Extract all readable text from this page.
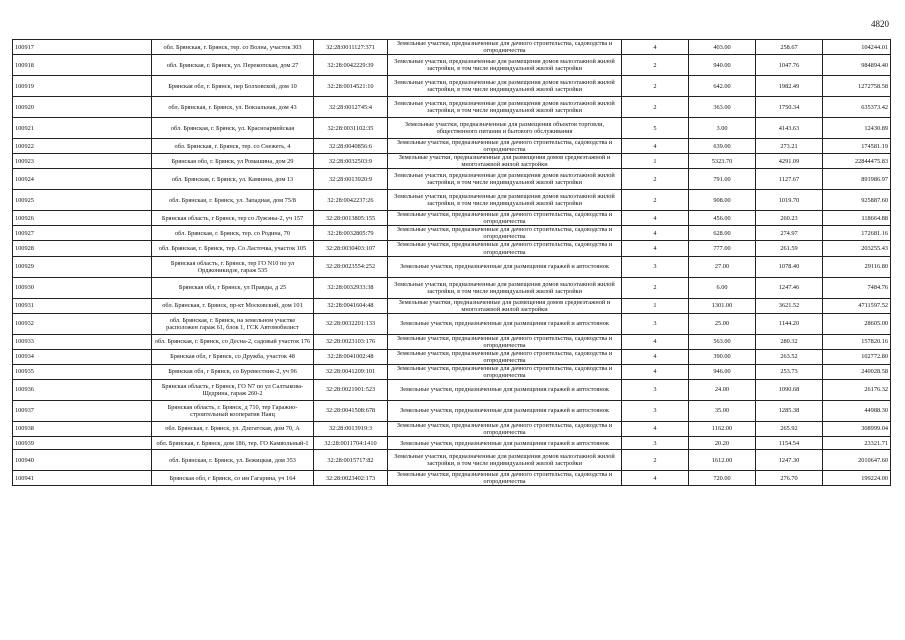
4820
100917	обл. Брянская, г. Брянск, тер. со Волна, участок 303	32:28:0011127:371	Земельные участки, предназначенные для дачного строительства, садоводства и огородничества	4	403.00	258.67	104244.01
100918	обл. Брянская, г. Брянск, ул. Перекопская, дом 27	32:28:0042229:39	Земельные участки, предназначенные для размещения домов малоэтажной жилой застройки, в том числе индивидуальной жилой застройки	2	940.00	1047.76	984894.40
100919	Брянская обл, г. Брянск, пер Болховской, дом 10	32:28:0014521:10	Земельные участки, предназначенные для размещения домов малоэтажной жилой застройки, в том числе индивидуальной жилой застройки	2	642.00	1982.49	1272758.58
100920	обл. Брянская, г. Брянск, ул. Вокзальная, дом 43	32:28:0012745:4	Земельные участки, предназначенные для размещения домов малоэтажной жилой застройки, в том числе индивидуальной жилой застройки	2	363.00	1750.34	635373.42
100921	обл. Брянская, г. Брянск, ул. Красноармейская	32:28:0031102:35	Земельные участки, предназначенные для размещения объектов торговли, общественного питания и бытового обслуживания	5	3.00	4143.63	12430.89
100922	обл. Брянская, г. Брянск, тер. со Снежеть, 4	32:28:0040856:6	Земельные участки, предназначенные для дачного строительства, садоводства и огородничества	4	639.00	273.21	174581.19
100923	Брянская обл, г. Брянск, ул Ромашина, дом 29	32:28:0032503:9	Земельные участки, предназначенные для размещения домов среднеэтажной и многоэтажной жилой застройки	1	5323.70	4291.09	22844475.83
100924	обл. Брянская, г. Брянск, ул. Камнина, дом 13	32:28:0013920:9	Земельные участки, предназначенные для размещения домов малоэтажной жилой застройки, в том числе индивидуальной жилой застройки	2	791.00	1127.67	891986.97
100925	обл. Брянская, г. Брянск, ул. Западная, дом 75/8	32:28:0042237:26	Земельные участки, предназначенные для размещения домов малоэтажной жилой застройки, в том числе индивидуальной жилой застройки	2	908.00	1019.70	925887.60
100926	Брянская область, г Брянск, тер со Лужэны-2, уч 157	32:28:0013805:155	Земельные участки, предназначенные для дачного строительства, садоводства и огородничества	4	456.00	260.23	118664.88
100927	обл. Брянская, г. Брянск, тер. со Родина, 70	32:28:0032805:79	Земельные участки, предназначенные для дачного строительства, садоводства и огородничества	4	628.00	274.97	172681.16
100928	обл. Брянская, г. Брянск, тер. Со Ласточка, участок 105	32:28:0030403:107	Земельные участки, предназначенные для дачного строительства, садоводства и огородничества	4	777.00	261.59	203255.43
100929	Брянская область, г. Брянск, тер ГО N10 по ул Орджоникидзе, гараж 535	32:28:0023554:252	Земельные участки, предназначенные для размещения гаражей и автостоянок	3	27.00	1078.40	29116.80
100930	Брянская обл, г Брянск, ул Правды, д 25	32:28:0032933:38	Земельные участки, предназначенные для размещения домов малоэтажной жилой застройки, в том числе индивидуальной жилой застройки	2	6.00	1247.46	7484.76
100931	обл. Брянская, г. Брянск, пр-кт Московский, дом 101	32:28:0041604:48	Земельные участки, предназначенные для размещения домов среднеэтажной и многоэтажной жилой застройки	1	1301.00	3621.52	4711597.52
100932	обл. Брянская, г. Брянск, на земельном участке расположен гараж 61, блок 1, ГСК Автомобилист	32:28:0032201:133	Земельные участки, предназначенные для размещения гаражей и автостоянок	3	25.00	1144.20	28605.00
100933	обл. Брянская, г. Брянск, со Десна-2, садовый участок 176	32:28:0023103:176	Земельные участки, предназначенные для дачного строительства, садоводства и огородничества	4	563.00	280.32	157820.16
100934	Брянская обл, г Брянск, со Дружба, участок 48	32:28:0041002:48	Земельные участки, предназначенные для дачного строительства, садоводства и огородничества	4	390.00	263.52	102772.80
100935	Брянская обл, г Брянск, со Буревестник-2, уч 96	32:28:0041209:101	Земельные участки, предназначенные для дачного строительства, садоводства и огородничества	4	946.00	253.73	240028.58
100936	Брянская область, г Брянск, ГО N7 по ул Салтыкова-Щедрина, гараж 260-2	32:28:0021901:523	Земельные участки, предназначенные для размещения гаражей и автостоянок	3	24.00	1090.68	26176.32
100937	Брянская область, г. Брянск, д 710, тер Гаражно-строительный кооператив Наяц	32:28:0041508:678	Земельные участки, предназначенные для размещения гаражей и автостоянок	3	35.00	1285.38	44988.30
100938	обл. Брянская, г. Брянск, ул. Дзегатская, дом 70, А	32:28:0013919:3	Земельные участки, предназначенные для дачного строительства, садоводства и огородничества	4	1162.00	265.92	308999.04
100939	обл. Брянская, г. Брянск, дом 186, тер. ГО Камвольный-1	32:28:0011704:1410	Земельные участки, предназначенные для размещения гаражей и автостоянок	3	20.20	1154.54	23321.71
100940	обл. Брянская, г. Брянск, ул. Бежицкая, дом 353	32:28:0015717:82	Земельные участки, предназначенные для размещения домов малоэтажной жилой застройки, в том числе индивидуальной жилой застройки	2	1612.00	1247.30	2010647.60
100941	Брянская обл, г Брянск, со им Гагарина, уч 164	32:28:0023402:173	Земельные участки, предназначенные для дачного строительства, садоводства и огородничества	4	720.00	276.70	199224.00
